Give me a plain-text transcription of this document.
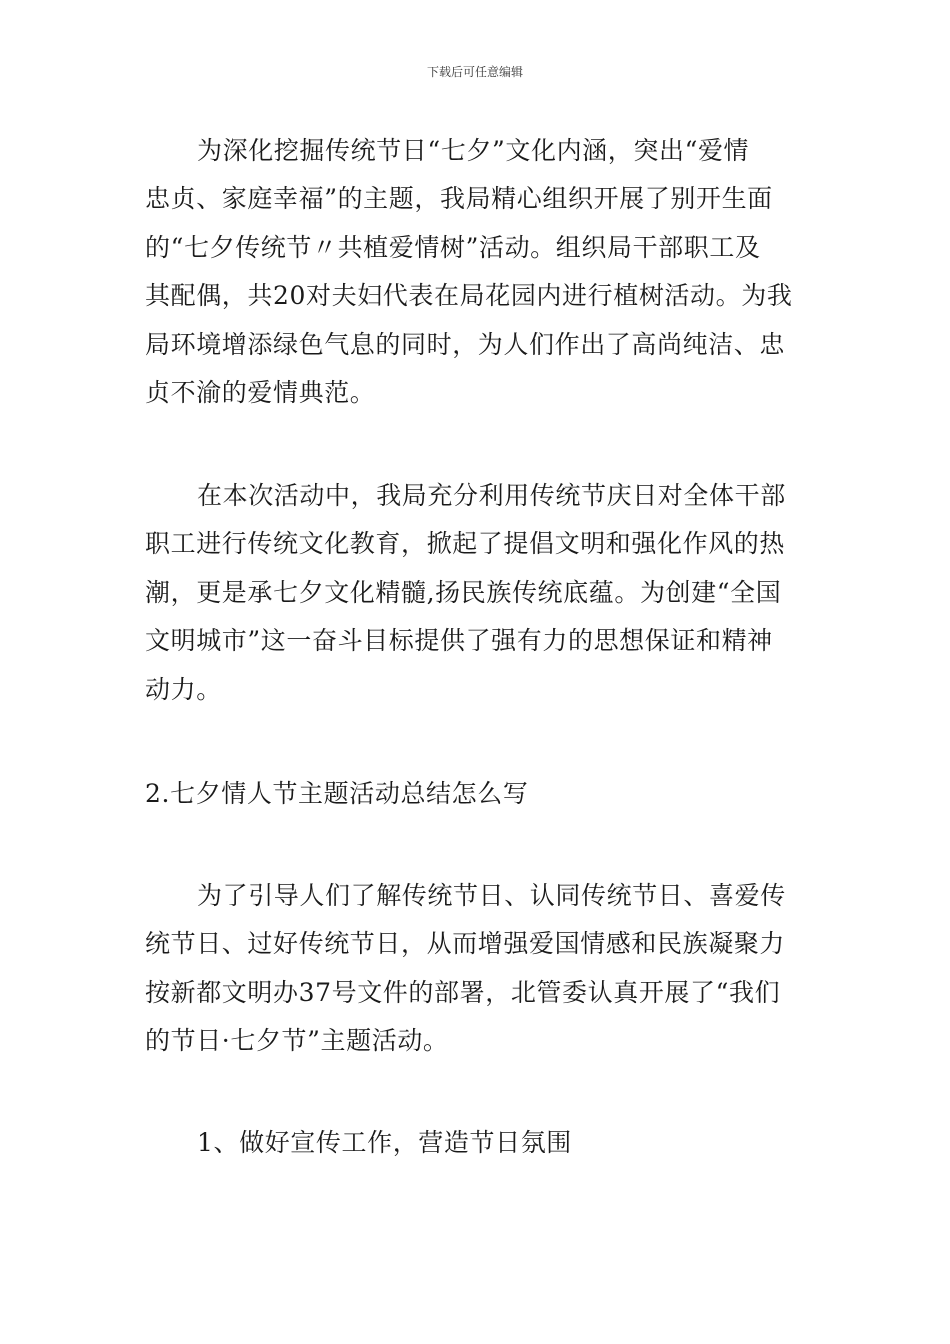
下载后可任意编辑
为深化挖掘传统节日“七夕”文化内涵，突出“爱情
忠贞、家庭幸福”的主题，我局精心组织开展了别开生面
的“七夕传统节〃共植爱情树”活动。组织局干部职工及
其配偶，共20对夫妇代表在局花园内进行植树活动。为我
局环境增添绿色气息的同时，为人们作出了高尚纯洁、忠
贞不渝的爱情典范。
在本次活动中，我局充分利用传统节庆日对全体干部
职工进行传统文化教育，掀起了提倡文明和强化作风的热
潮，更是承七夕文化精髓,扬民族传统底蕴。为创建“全国
文明城市”这一奋斗目标提供了强有力的思想保证和精神
动力。
2.七夕情人节主题活动总结怎么写
为了引导人们了解传统节日、认同传统节日、喜爱传
统节日、过好传统节日，从而增强爱国情感和民族凝聚力
按新都文明办37号文件的部署，北管委认真开展了“我们
的节日·七夕节”主题活动。
1、做好宣传工作，营造节日氛围
